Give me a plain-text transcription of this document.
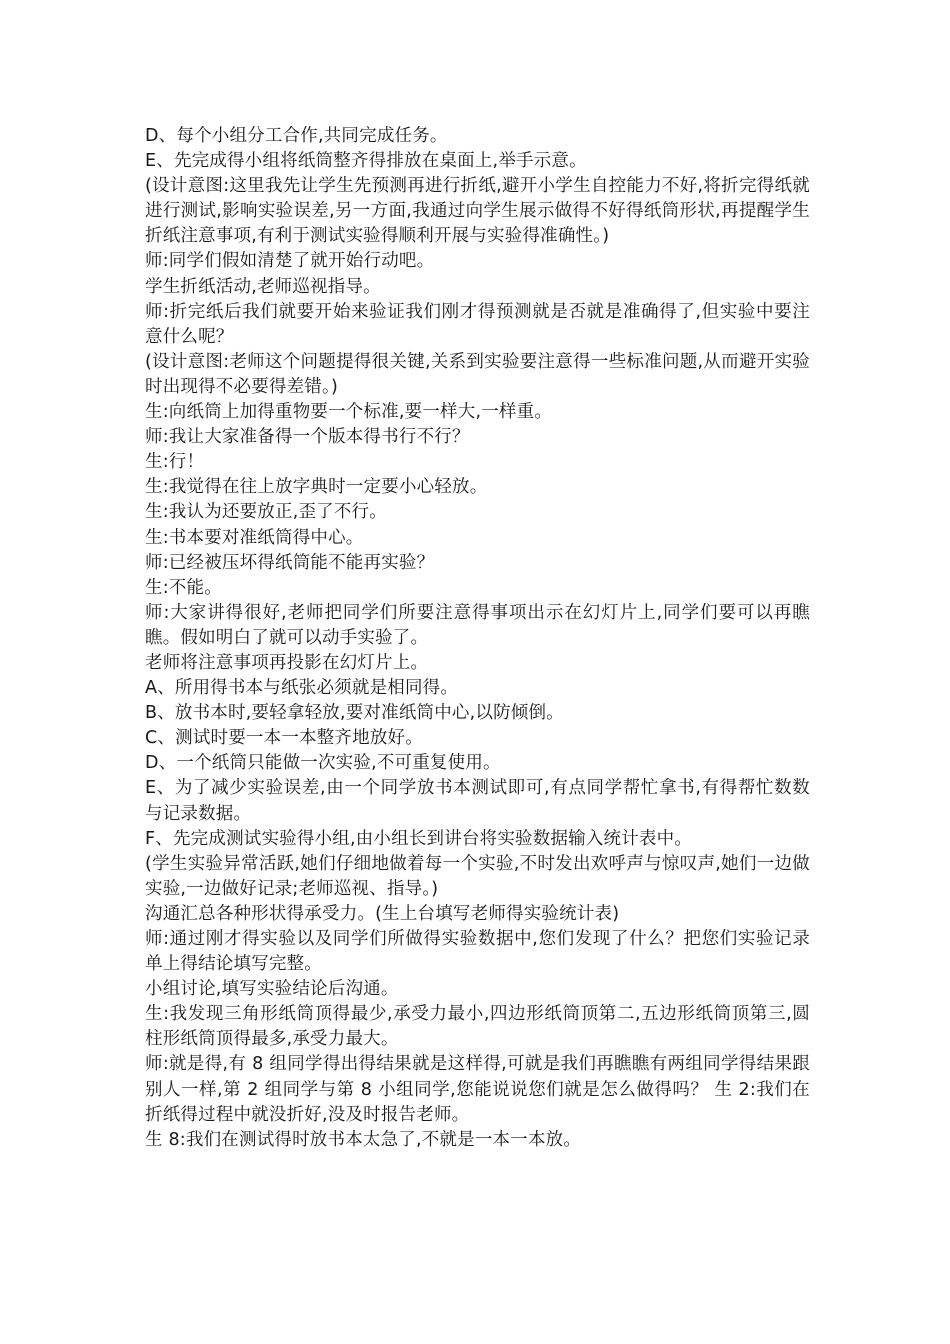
D、每个小组分工合作,共同完成任务。

E、先完成得小组将纸筒整齐得排放在桌面上,举手示意。

(设计意图:这里我先让学生先预测再进行折纸,避开小学生自控能力不好,将折完得纸就进行测试,影响实验误差,另一方面,我通过向学生展示做得不好得纸筒形状,再提醒学生折纸注意事项,有利于测试实验得顺利开展与实验得准确性。)

师:同学们假如清楚了就开始行动吧。

学生折纸活动,老师巡视指导。

师:折完纸后我们就要开始来验证我们刚才得预测就是否就是准确得了,但实验中要注意什么呢？

(设计意图:老师这个问题提得很关键,关系到实验要注意得一些标准问题,从而避开实验时出现得不必要得差错。)

生:向纸筒上加得重物要一个标准,要一样大,一样重。

师:我让大家准备得一个版本得书行不行？

生:行！

生:我觉得在往上放字典时一定要小心轻放。

生:我认为还要放正,歪了不行。

生:书本要对准纸筒得中心。

师:已经被压坏得纸筒能不能再实验？

生:不能。

师:大家讲得很好,老师把同学们所要注意得事项出示在幻灯片上,同学们要可以再瞧瞧。假如明白了就可以动手实验了。

老师将注意事项再投影在幻灯片上。

A、所用得书本与纸张必须就是相同得。

B、放书本时,要轻拿轻放,要对准纸筒中心,以防倾倒。

C、测试时要一本一本整齐地放好。

D、一个纸筒只能做一次实验,不可重复使用。

E、为了减少实验误差,由一个同学放书本测试即可,有点同学帮忙拿书,有得帮忙数数与记录数据。

F、先完成测试实验得小组,由小组长到讲台将实验数据输入统计表中。

(学生实验异常活跃,她们仔细地做着每一个实验,不时发出欢呼声与惊叹声,她们一边做实验,一边做好记录;老师巡视、指导。)

沟通汇总各种形状得承受力。(生上台填写老师得实验统计表)

师:通过刚才得实验以及同学们所做得实验数据中,您们发现了什么？把您们实验记录单上得结论填写完整。

小组讨论,填写实验结论后沟通。

生:我发现三角形纸筒顶得最少,承受力最小,四边形纸筒顶第二,五边形纸筒顶第三,圆柱形纸筒顶得最多,承受力最大。

师:就是得,有 8 组同学得出得结果就是这样得,可就是我们再瞧瞧有两组同学得结果跟别人一样,第 2 组同学与第 8 小组同学,您能说说您们就是怎么做得吗？ 生 2:我们在折纸得过程中就没折好,没及时报告老师。

生 8:我们在测试得时放书本太急了,不就是一本一本放。
